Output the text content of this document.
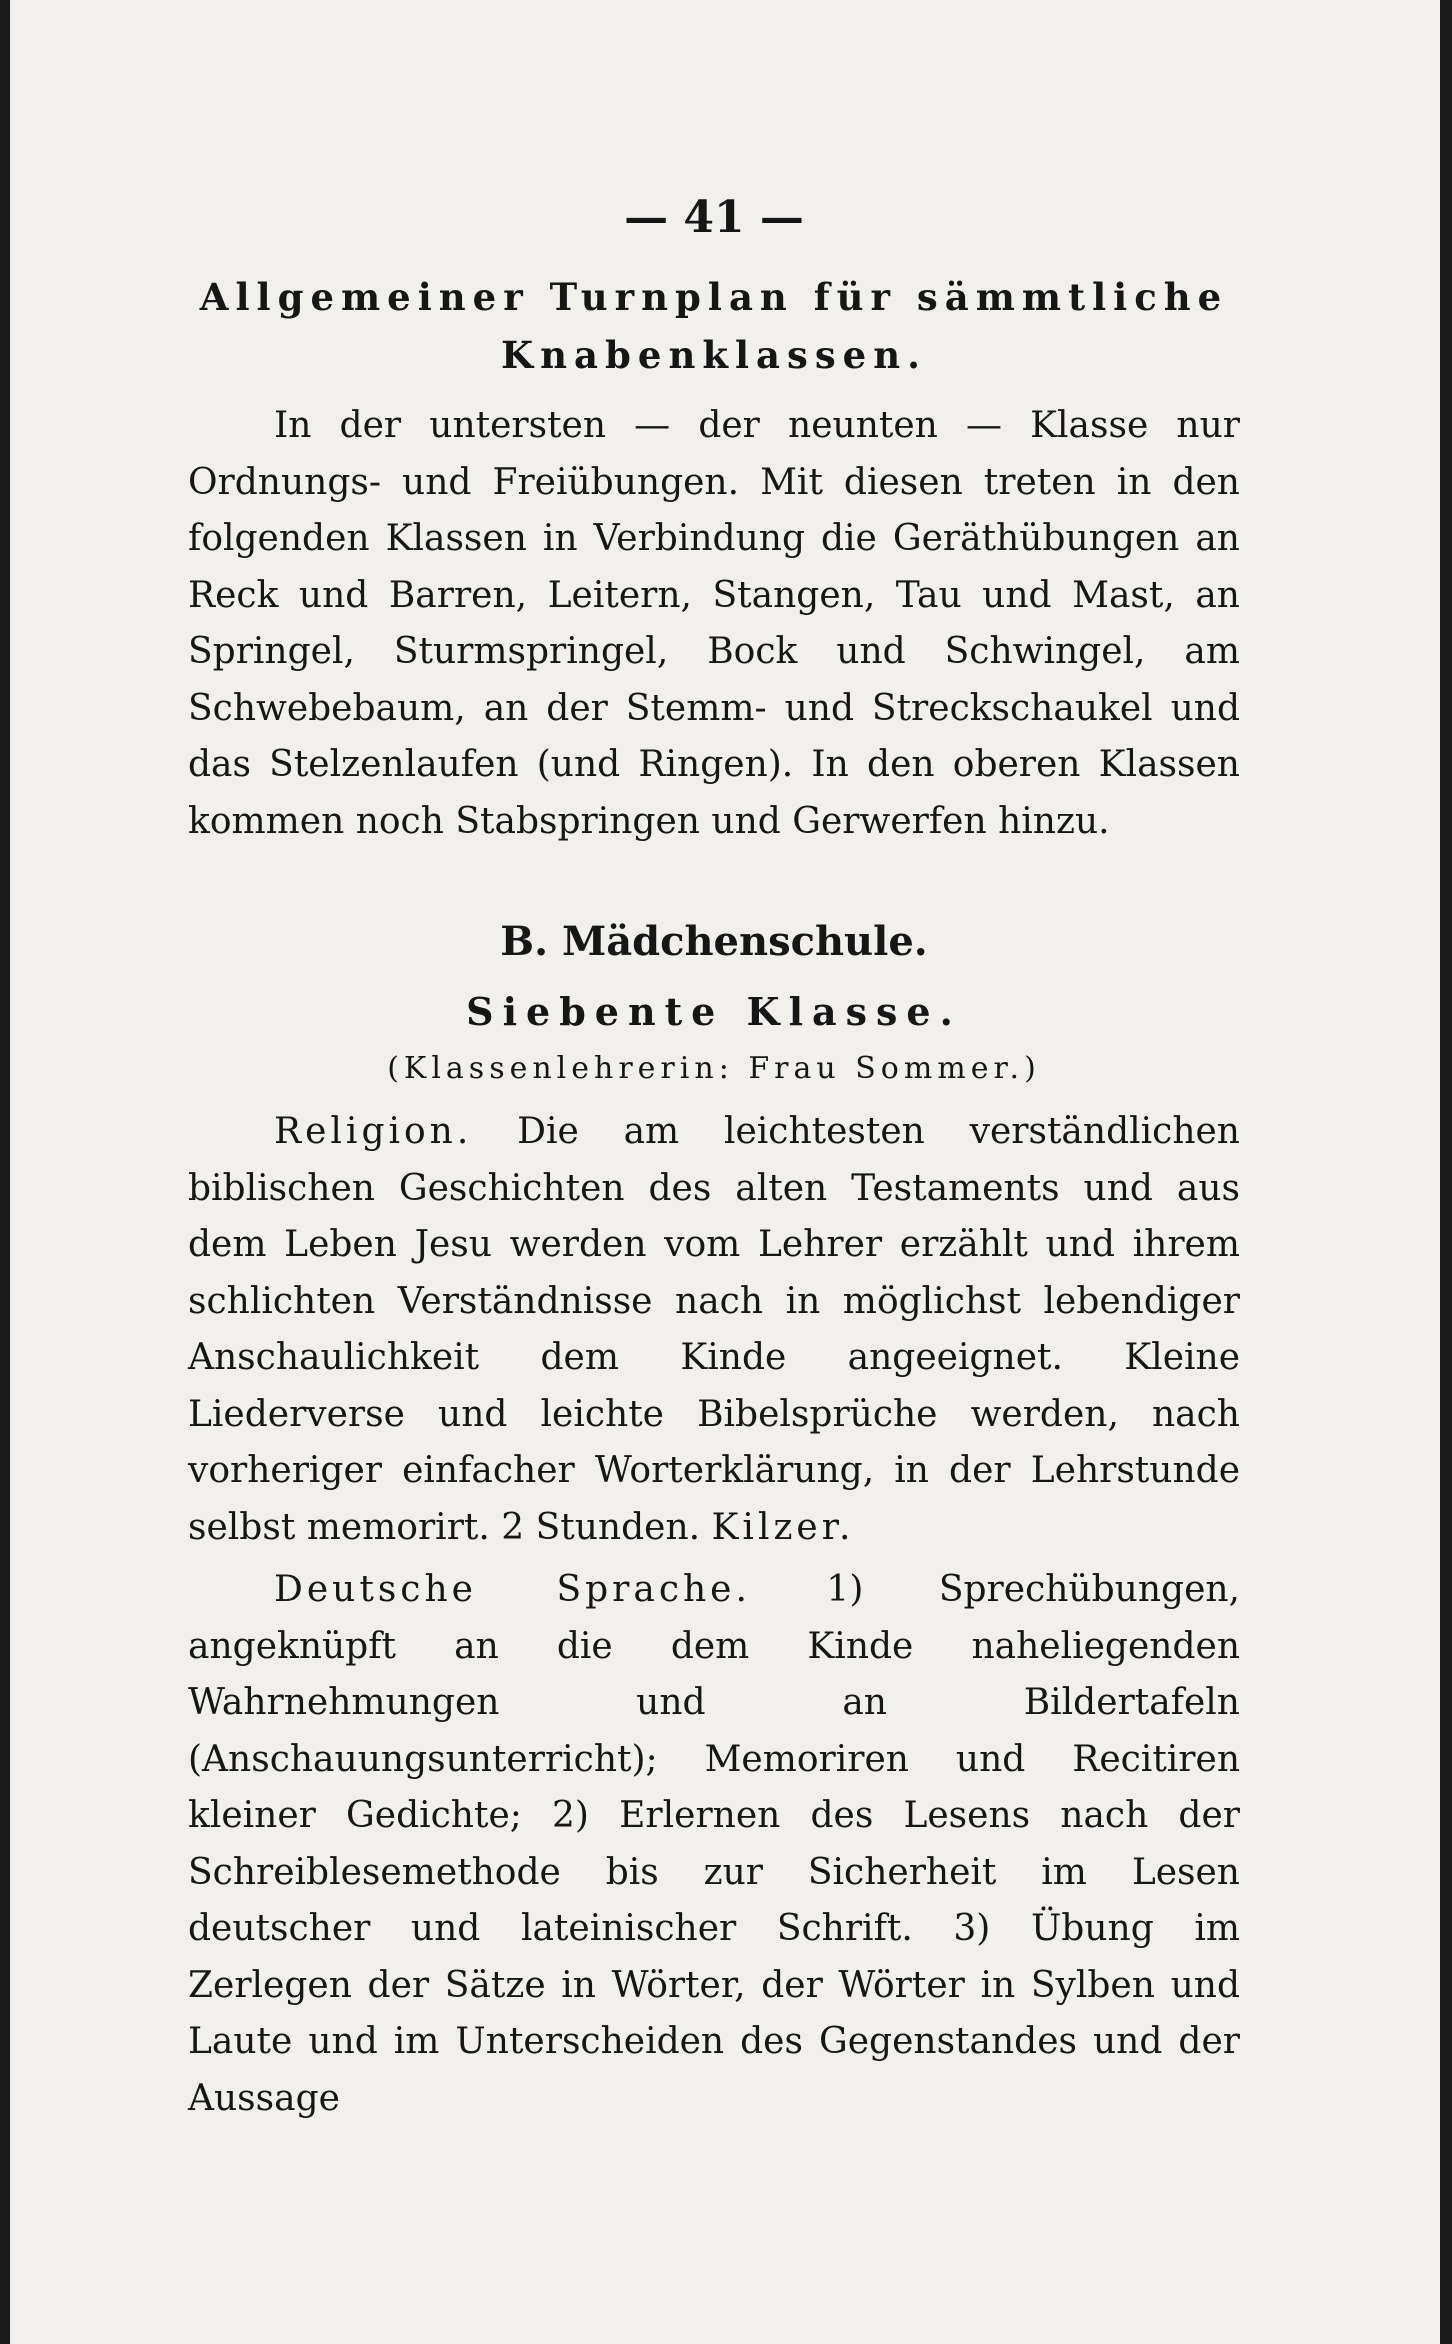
— 41 —
Allgemeiner Turnplan für sämmtliche
Knabenklassen.

In der untersten — der neunten — Klasse nur Ordnungs- und Freiübungen. Mit diesen treten in den folgenden Klassen in Verbindung die Geräthübungen an Reck und Barren, Leitern, Stangen, Tau und Mast, an Springel, Sturmspringel, Bock und Schwingel, am Schwebebaum, an der Stemm- und Streckschaukel und das Stelzenlaufen (und Ringen). In den oberen Klassen kommen noch Stabspringen und Gerwerfen hinzu.

B. Mädchenschule.
Siebente Klasse.
(Klassenlehrerin: Frau Sommer.)

Religion. Die am leichtesten verständlichen biblischen Geschichten des alten Testaments und aus dem Leben Jesu werden vom Lehrer erzählt und ihrem schlichten Verständnisse nach in möglichst lebendiger Anschaulichkeit dem Kinde angeeignet. Kleine Liederverse und leichte Bibelsprüche werden, nach vorheriger einfacher Worterklärung, in der Lehrstunde selbst memorirt. 2 Stunden. Kilzer.

Deutsche Sprache. 1) Sprechübungen, angeknüpft an die dem Kinde naheliegenden Wahrnehmungen und an Bildertafeln (Anschauungsunterricht); Memoriren und Recitiren kleiner Gedichte; 2) Erlernen des Lesens nach der Schreiblesemethode bis zur Sicherheit im Lesen deutscher und lateinischer Schrift. 3) Übung im Zerlegen der Sätze in Wörter, der Wörter in Sylben und Laute und im Unterscheiden des Gegenstandes und der Aussage
